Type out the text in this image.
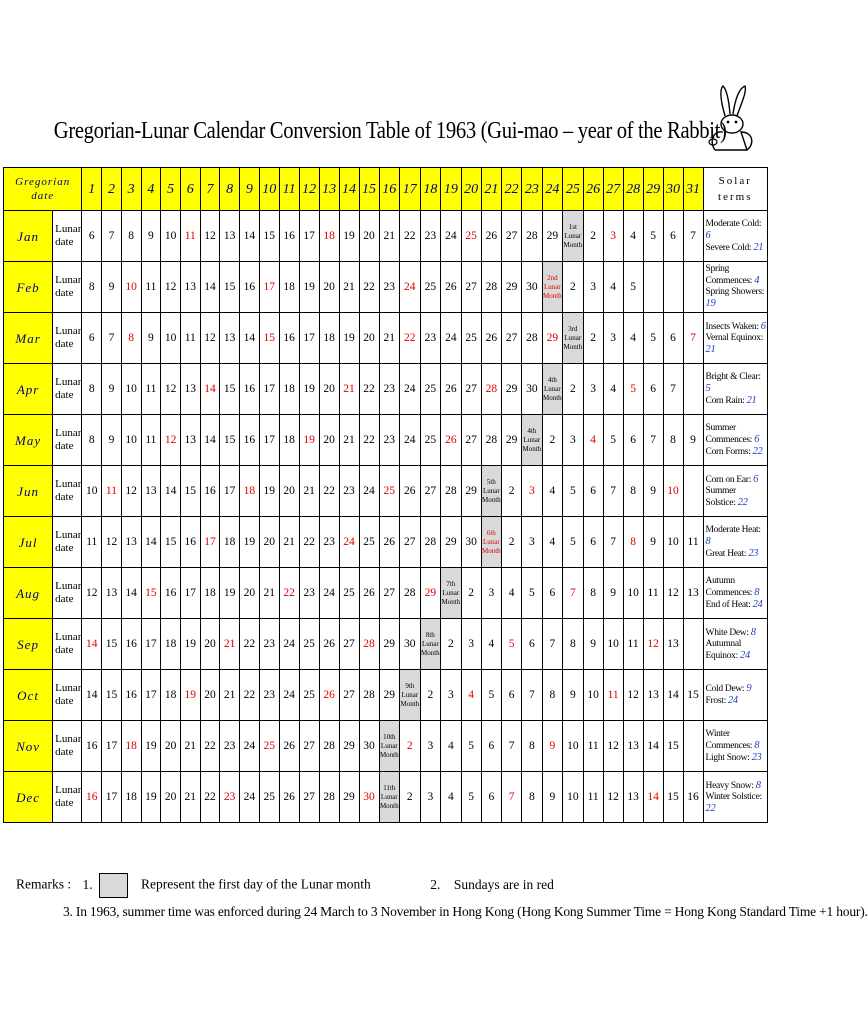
Gregorian-Lunar Calendar Conversion Table of 1963 (Gui-mao – year of the Rabbit)
Gregorian date		1	2	3	4	5	6	7	8	9	10	11	12	13	14	15	16	17	18	19	20	21	22	23	24	25	26	27	28	29	30	31	Solar terms
Jan	Lunar date	6	7	8	9	10	11	12	13	14	15	16	17	18	19	20	21	22	23	24	25	26	27	28	29	1st Lunar Month	2	3	4	5	6	7	Moderate Cold: 6
Severe Cold: 21

Feb	Lunar date	8	9	10	11	12	13	14	15	16	17	18	19	20	21	22	23	24	25	26	27	28	29	30	2nd Lunar Month	2	3	4	5				Spring Commences: 4
Spring Showers: 19

Mar	Lunar date	6	7	8	9	10	11	12	13	14	15	16	17	18	19	20	21	22	23	24	25	26	27	28	29	3rd Lunar Month	2	3	4	5	6	7	Insects Waken: 6
Vernal Equinox: 21

Apr	Lunar date	8	9	10	11	12	13	14	15	16	17	18	19	20	21	22	23	24	25	26	27	28	29	30	4th Lunar Month	2	3	4	5	6	7		Bright & Clear: 5
Corn Rain: 21

May	Lunar date	8	9	10	11	12	13	14	15	16	17	18	19	20	21	22	23	24	25	26	27	28	29	4th Lunar Month	2	3	4	5	6	7	8	9	Summer Commences: 6
Corn Forms: 22

Jun	Lunar date	10	11	12	13	14	15	16	17	18	19	20	21	22	23	24	25	26	27	28	29	5th Lunar Month	2	3	4	5	6	7	8	9	10		Corn on Ear: 6
Summer Solstice: 22

Jul	Lunar date	11	12	13	14	15	16	17	18	19	20	21	22	23	24	25	26	27	28	29	30	6th Lunar Month	2	3	4	5	6	7	8	9	10	11	Moderate Heat: 8
Great Heat: 23

Aug	Lunar date	12	13	14	15	16	17	18	19	20	21	22	23	24	25	26	27	28	29	7th Lunar Month	2	3	4	5	6	7	8	9	10	11	12	13	Autumn Commences: 8
End of Heat: 24

Sep	Lunar date	14	15	16	17	18	19	20	21	22	23	24	25	26	27	28	29	30	8th Lunar Month	2	3	4	5	6	7	8	9	10	11	12	13		White Dew: 8
Autumnal Equinox: 24

Oct	Lunar date	14	15	16	17	18	19	20	21	22	23	24	25	26	27	28	29	9th Lunar Month	2	3	4	5	6	7	8	9	10	11	12	13	14	15	Cold Dew: 9
Frost: 24

Nov	Lunar date	16	17	18	19	20	21	22	23	24	25	26	27	28	29	30	10th Lunar Month	2	3	4	5	6	7	8	9	10	11	12	13	14	15		Winter Commences: 8
Light Snow: 23

Dec	Lunar date	16	17	18	19	20	21	22	23	24	25	26	27	28	29	30	11th Lunar Month	2	3	4	5	6	7	8	9	10	11	12	13	14	15	16	Heavy Snow: 8
Winter Solstice: 22
Remarks : 1.	Represent the first day of the Lunar month	2.    Sundays are in red
3. In 1963, summer time was enforced during 24 March to 3 November in Hong Kong (Hong Kong Summer Time = Hong Kong Standard Time +1 hour).
